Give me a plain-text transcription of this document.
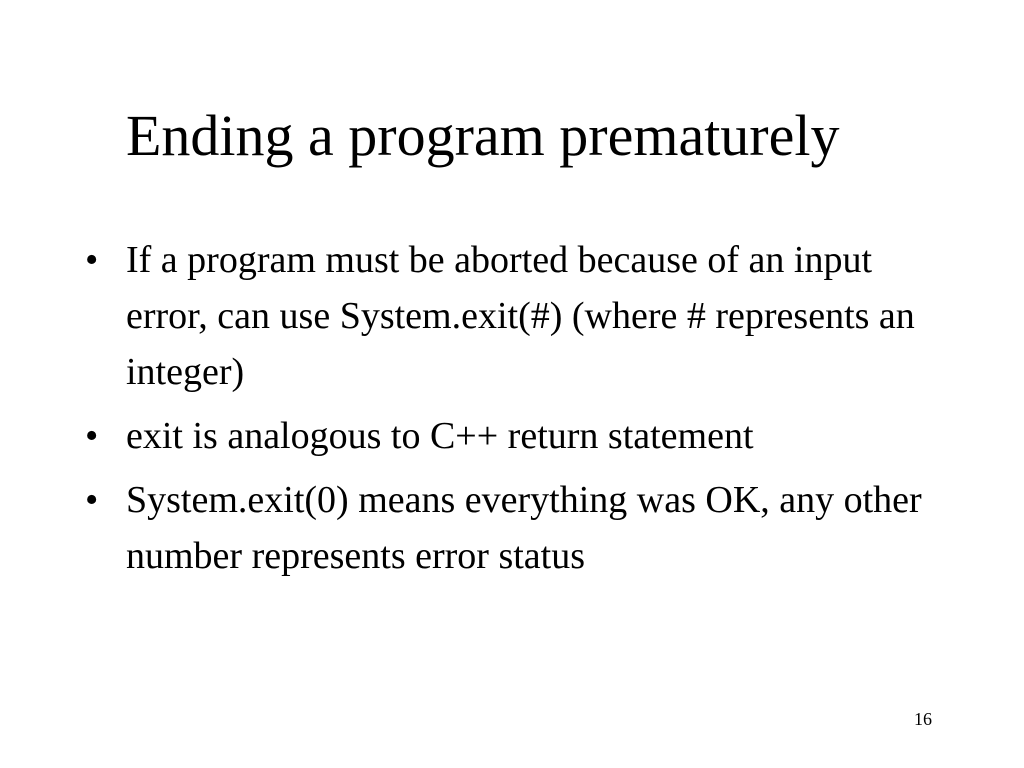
Ending a program prematurely
• If a program must be aborted because of an input error, can use System.exit(#) (where # represents an integer)
• exit is analogous to C++ return statement
• System.exit(0) means everything was OK, any other number represents error status
16
